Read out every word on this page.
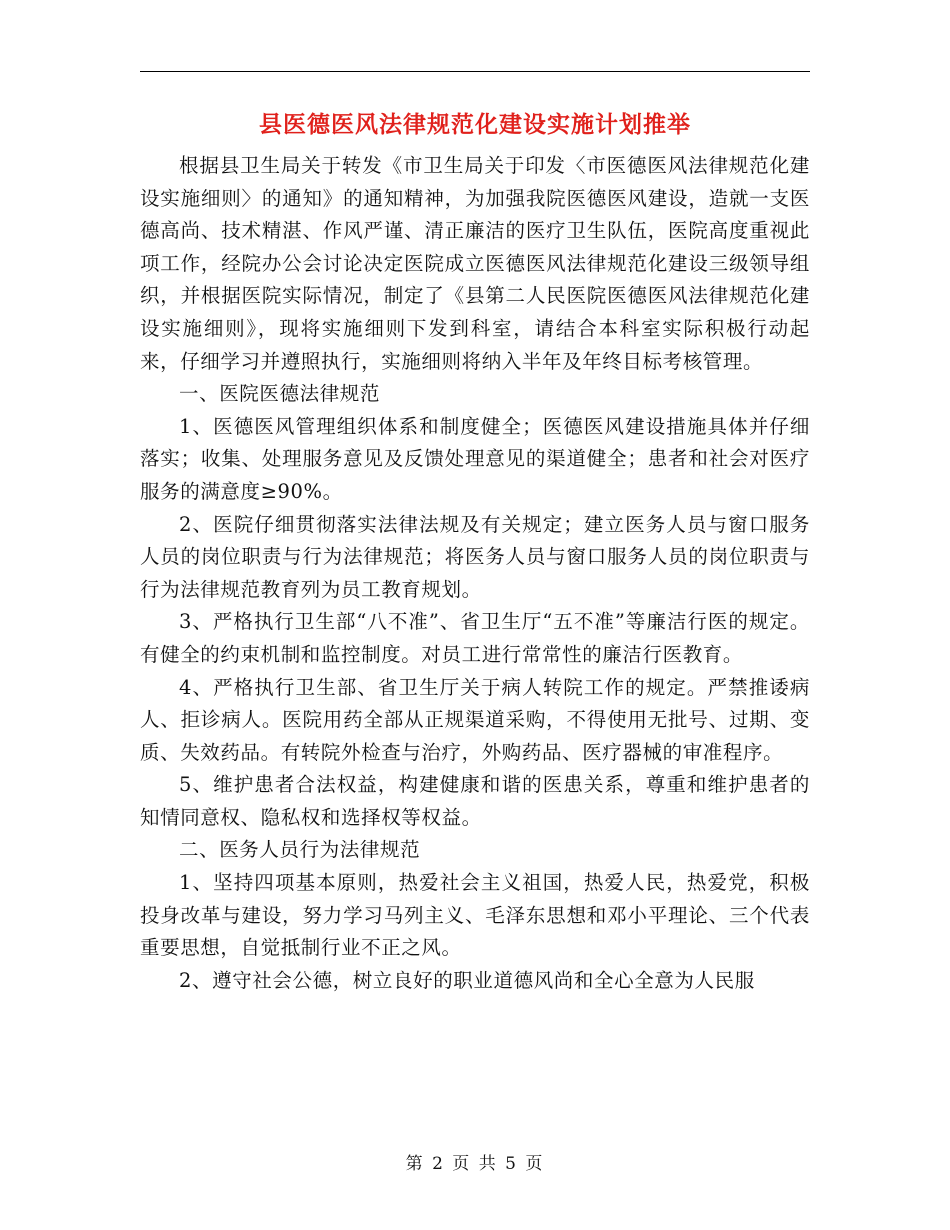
县医德医风法律规范化建设实施计划推举

根据县卫生局关于转发《市卫生局关于印发〈市医德医风法律规范化建设实施细则〉的通知》的通知精神，为加强我院医德医风建设，造就一支医德高尚、技术精湛、作风严谨、清正廉洁的医疗卫生队伍，医院高度重视此项工作，经院办公会讨论决定医院成立医德医风法律规范化建设三级领导组织，并根据医院实际情况，制定了《县第二人民医院医德医风法律规范化建设实施细则》，现将实施细则下发到科室，请结合本科室实际积极行动起来，仔细学习并遵照执行，实施细则将纳入半年及年终目标考核管理。

一、医院医德法律规范

1、医德医风管理组织体系和制度健全；医德医风建设措施具体并仔细落实；收集、处理服务意见及反馈处理意见的渠道健全；患者和社会对医疗服务的满意度≥90%。

2、医院仔细贯彻落实法律法规及有关规定；建立医务人员与窗口服务人员的岗位职责与行为法律规范；将医务人员与窗口服务人员的岗位职责与行为法律规范教育列为员工教育规划。

3、严格执行卫生部“八不准”、省卫生厅“五不准”等廉洁行医的规定。有健全的约束机制和监控制度。对员工进行常常性的廉洁行医教育。

4、严格执行卫生部、省卫生厅关于病人转院工作的规定。严禁推诿病人、拒诊病人。医院用药全部从正规渠道采购，不得使用无批号、过期、变质、失效药品。有转院外检查与治疗，外购药品、医疗器械的审准程序。

5、维护患者合法权益，构建健康和谐的医患关系，尊重和维护患者的知情同意权、隐私权和选择权等权益。

二、医务人员行为法律规范

1、坚持四项基本原则，热爱社会主义祖国，热爱人民，热爱党，积极投身改革与建设，努力学习马列主义、毛泽东思想和邓小平理论、三个代表重要思想，自觉抵制行业不正之风。

2、遵守社会公德，树立良好的职业道德风尚和全心全意为人民服

第 2 页 共 5 页
